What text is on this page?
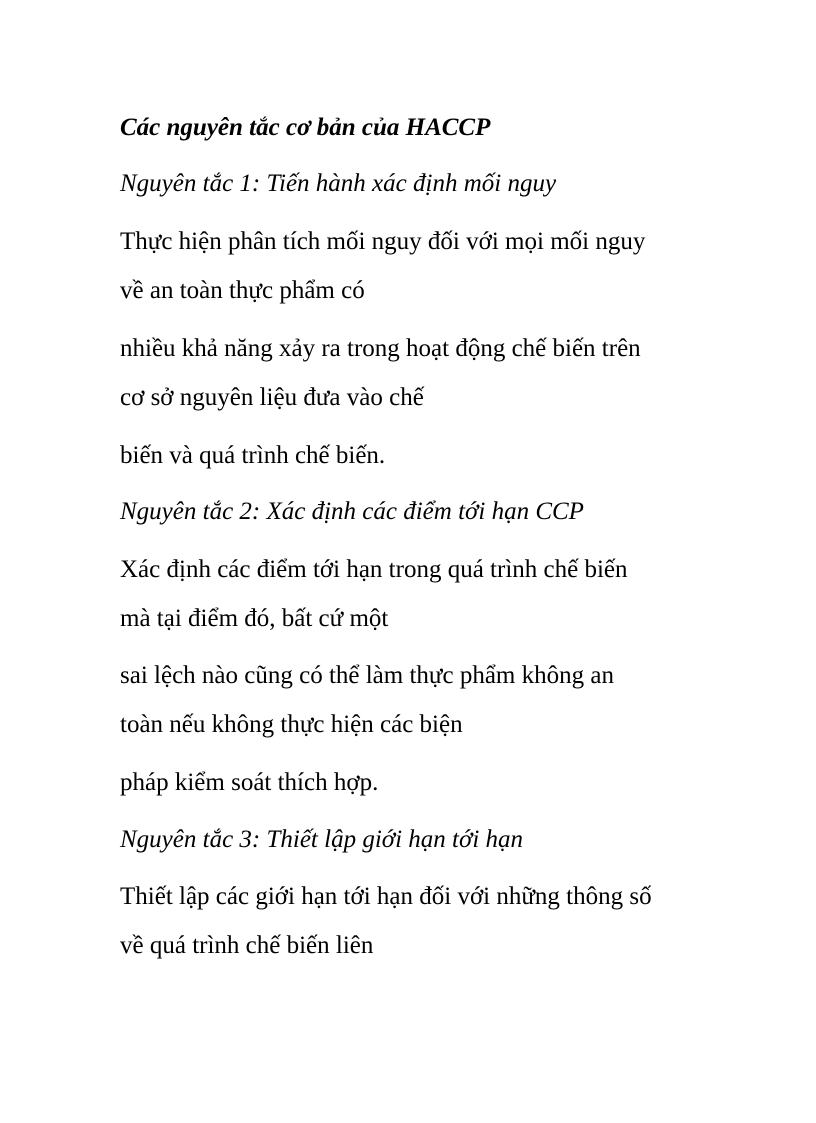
Các nguyên tắc cơ bản của HACCP
Nguyên tắc 1: Tiến hành xác định mối nguy
Thực hiện phân tích mối nguy đối với mọi mối nguy
về an toàn thực phẩm có
nhiều khả năng xảy ra trong hoạt động chế biến trên
cơ sở nguyên liệu đưa vào chế
biến và quá trình chế biến.
Nguyên tắc 2: Xác định các điểm tới hạn CCP
Xác định các điểm tới hạn trong quá trình chế biến
mà tại điểm đó, bất cứ một
sai lệch nào cũng có thể làm thực phẩm không an
toàn nếu không thực hiện các biện
pháp kiểm soát thích hợp.
Nguyên tắc 3: Thiết lập giới hạn tới hạn
Thiết lập các giới hạn tới hạn đối với những thông số
về quá trình chế biến liên
